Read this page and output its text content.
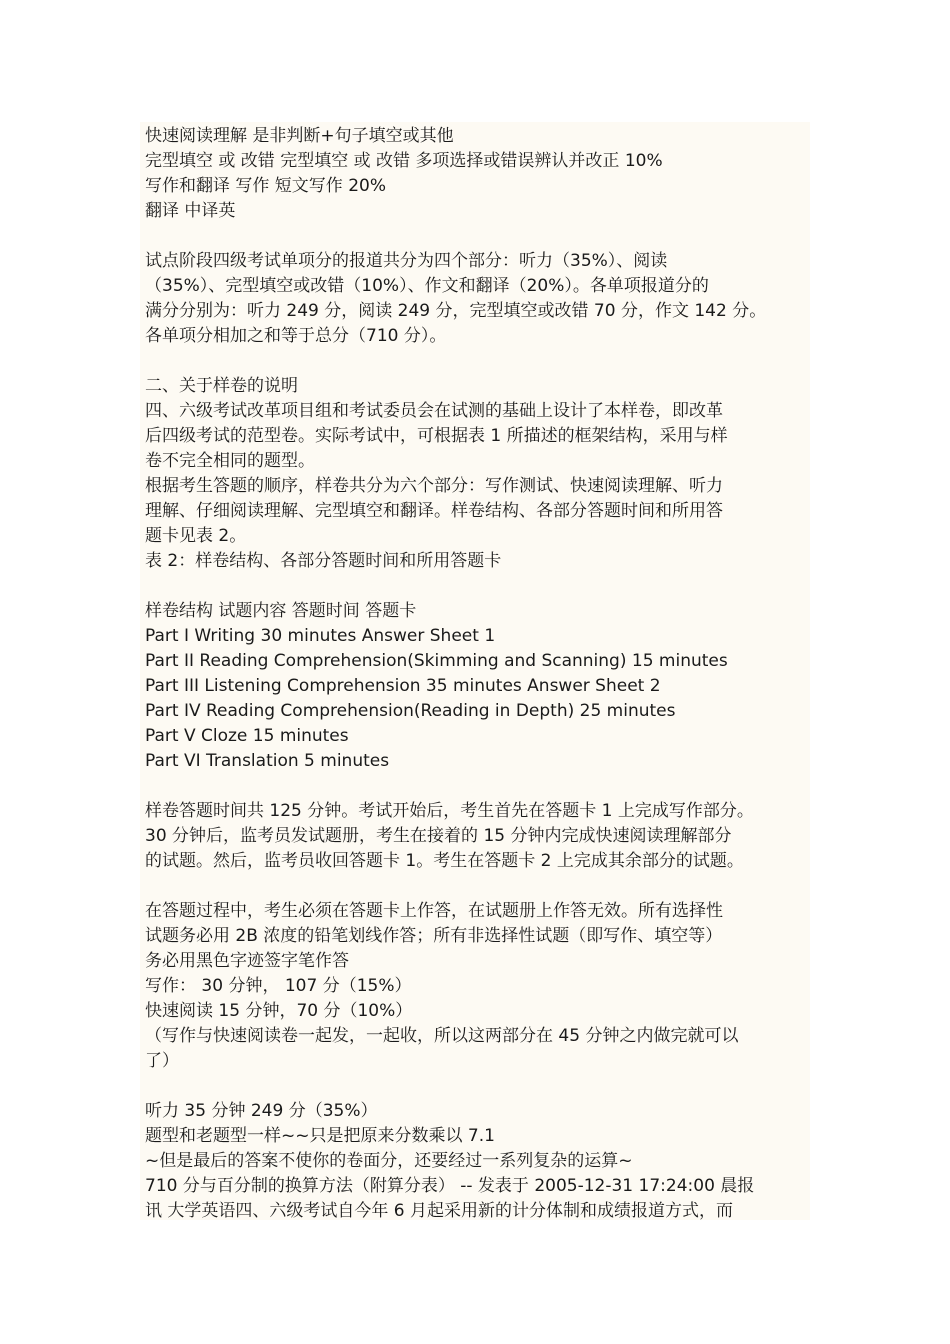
快速阅读理解 是非判断+句子填空或其他
完型填空 或 改错 完型填空 或 改错 多项选择或错误辨认并改正 10%
写作和翻译 写作 短文写作 20%
翻译 中译英
试点阶段四级考试单项分的报道共分为四个部分：听力（35%）、阅读
（35%）、完型填空或改错（10%）、作文和翻译（20%）。各单项报道分的
满分分别为：听力 249 分，阅读 249 分，完型填空或改错 70 分，作文 142 分。
各单项分相加之和等于总分（710 分）。
二、关于样卷的说明
四、六级考试改革项目组和考试委员会在试测的基础上设计了本样卷，即改革
后四级考试的范型卷。实际考试中，可根据表 1 所描述的框架结构，采用与样
卷不完全相同的题型。
根据考生答题的顺序，样卷共分为六个部分：写作测试、快速阅读理解、听力
理解、仔细阅读理解、完型填空和翻译。样卷结构、各部分答题时间和所用答
题卡见表 2。
表 2：样卷结构、各部分答题时间和所用答题卡
样卷结构 试题内容 答题时间 答题卡
Part I Writing 30 minutes Answer Sheet 1
Part II Reading Comprehension(Skimming and Scanning) 15 minutes
Part III Listening Comprehension 35 minutes Answer Sheet 2
Part IV Reading Comprehension(Reading in Depth) 25 minutes
Part V Cloze 15 minutes
Part VI Translation 5 minutes
样卷答题时间共 125 分钟。考试开始后，考生首先在答题卡 1 上完成写作部分。
30 分钟后，监考员发试题册，考生在接着的 15 分钟内完成快速阅读理解部分
的试题。然后，监考员收回答题卡 1。考生在答题卡 2 上完成其余部分的试题。
在答题过程中，考生必须在答题卡上作答，在试题册上作答无效。所有选择性
试题务必用 2B 浓度的铅笔划线作答；所有非选择性试题（即写作、填空等）
务必用黑色字迹签字笔作答
写作： 30 分钟， 107 分（15%）
快速阅读 15 分钟，70 分（10%）
（写作与快速阅读卷一起发，一起收，所以这两部分在 45 分钟之内做完就可以
了）
听力 35 分钟 249 分（35%）
题型和老题型一样~~只是把原来分数乘以 7.1
~但是最后的答案不使你的卷面分，还要经过一系列复杂的运算~
710 分与百分制的换算方法（附算分表） -- 发表于 2005-12-31 17:24:00 晨报
讯 大学英语四、六级考试自今年 6 月起采用新的计分体制和成绩报道方式，而
